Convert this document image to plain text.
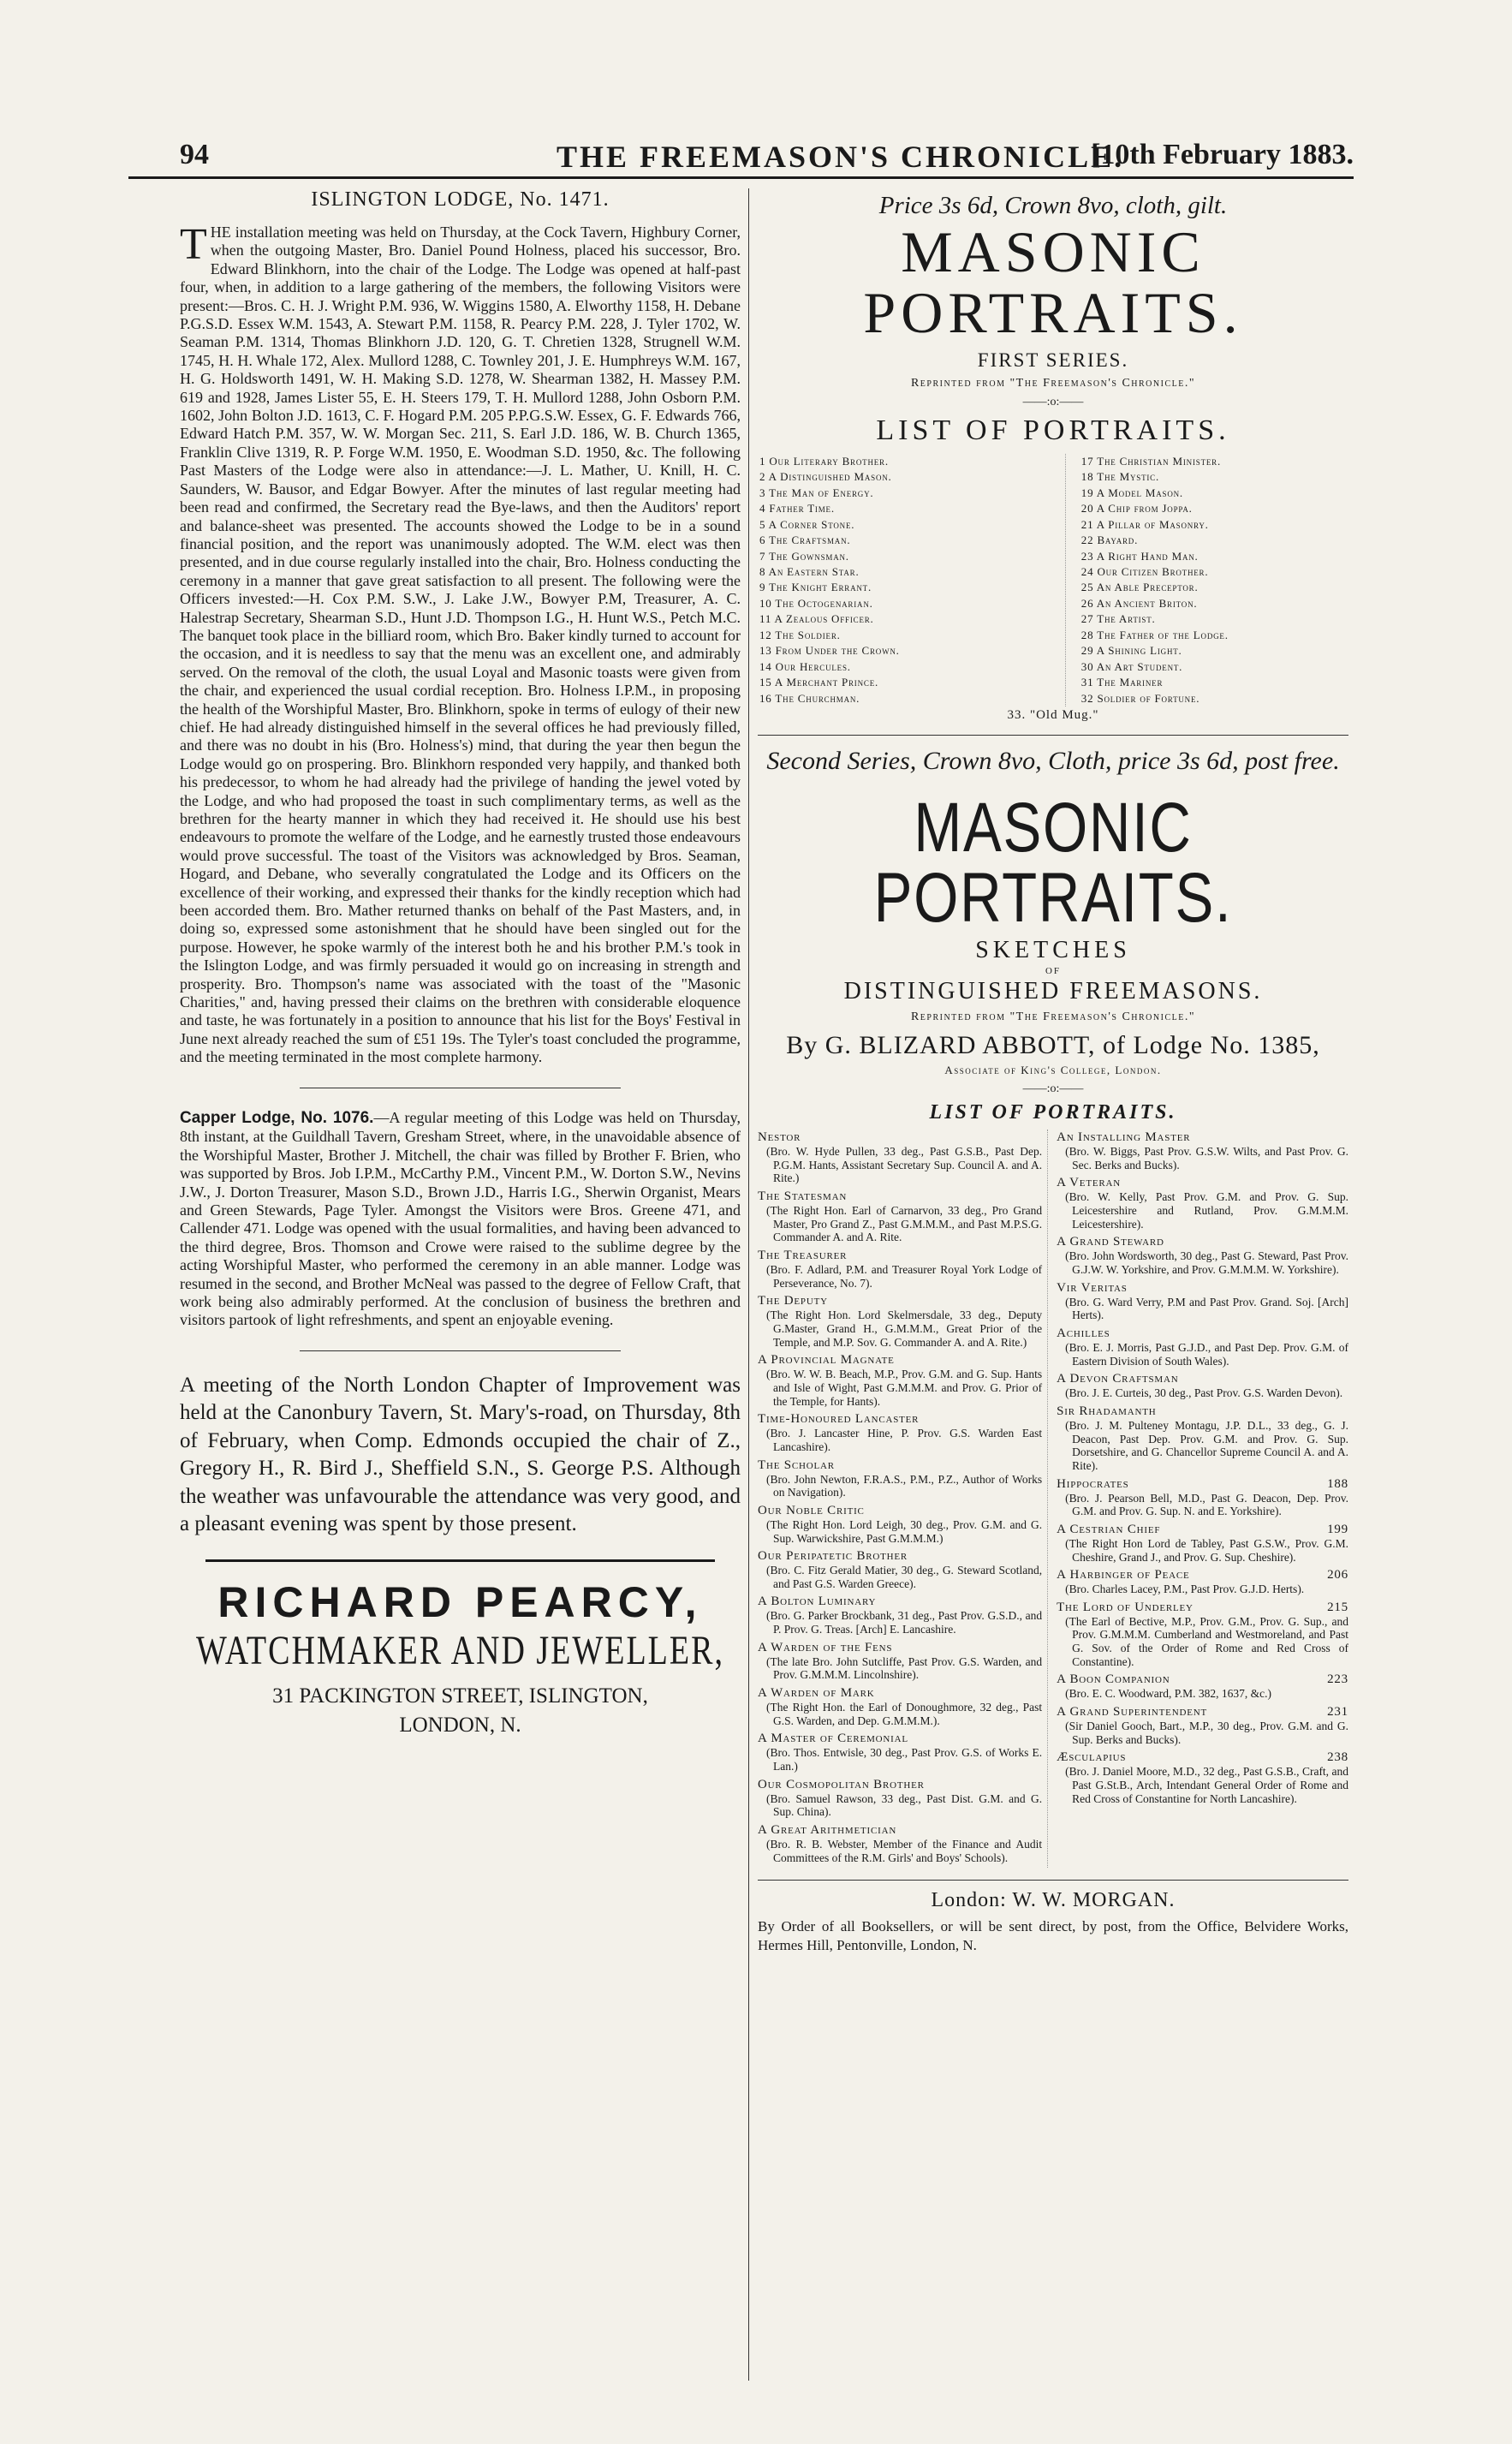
94	THE FREEMASON'S CHRONICLE.
[10th February 1883.
ISLINGTON LODGE, No. 1471.

THE installation meeting was held on Thursday, at the Cock Tavern, Highbury Corner, when the outgoing Master, Bro. Daniel Pound Holness, placed his successor, Bro. Edward Blinkhorn, into the chair of the Lodge. The Lodge was opened at half-past four, when, in addition to a large gathering of the members, the following Visitors were present:—Bros. C. H. J. Wright P.M. 936, W. Wiggins 1580, A. Elworthy 1158, H. Debane P.G.S.D. Essex W.M. 1543, A. Stewart P.M. 1158, R. Pearcy P.M. 228, J. Tyler 1702, W. Seaman P.M. 1314, Thomas Blinkhorn J.D. 120, G. T. Chretien 1328, Strugnell W.M. 1745, H. H. Whale 172, Alex. Mullord 1288, C. Townley 201, J. E. Humphreys W.M. 167, H. G. Holdsworth 1491, W. H. Making S.D. 1278, W. Shearman 1382, H. Massey P.M. 619 and 1928, James Lister 55, E. H. Steers 179, T. H. Mullord 1288, John Osborn P.M. 1602, John Bolton J.D. 1613, C. F. Hogard P.M. 205 P.P.G.S.W. Essex, G. F. Edwards 766, Edward Hatch P.M. 357, W. W. Morgan Sec. 211, S. Earl J.D. 186, W. B. Church 1365, Franklin Clive 1319, R. P. Forge W.M. 1950, E. Woodman S.D. 1950, &c. The following Past Masters of the Lodge were also in attendance:—J. L. Mather, U. Knill, H. C. Saunders, W. Bausor, and Edgar Bowyer. After the minutes of last regular meeting had been read and confirmed, the Secretary read the Bye-laws, and then the Auditors' report and balance-sheet was presented. The accounts showed the Lodge to be in a sound financial position, and the report was unanimously adopted. The W.M. elect was then presented, and in due course regularly installed into the chair, Bro. Holness conducting the ceremony in a manner that gave great satisfaction to all present. The following were the Officers invested:—H. Cox P.M. S.W., J. Lake J.W., Bowyer P.M, Treasurer, A. C. Halestrap Secretary, Shearman S.D., Hunt J.D. Thompson I.G., H. Hunt W.S., Petch M.C. The banquet took place in the billiard room, which Bro. Baker kindly turned to account for the occasion, and it is needless to say that the menu was an excellent one, and admirably served. On the removal of the cloth, the usual Loyal and Masonic toasts were given from the chair, and experienced the usual cordial reception. Bro. Holness I.P.M., in proposing the health of the Worshipful Master, Bro. Blinkhorn, spoke in terms of eulogy of their new chief. He had already distinguished himself in the several offices he had previously filled, and there was no doubt in his (Bro. Holness's) mind, that during the year then begun the Lodge would go on prospering. Bro. Blinkhorn responded very happily, and thanked both his predecessor, to whom he had already had the privilege of handing the jewel voted by the Lodge, and who had proposed the toast in such complimentary terms, as well as the brethren for the hearty manner in which they had received it. He should use his best endeavours to promote the welfare of the Lodge, and he earnestly trusted those endeavours would prove successful. The toast of the Visitors was acknowledged by Bros. Seaman, Hogard, and Debane, who severally congratulated the Lodge and its Officers on the excellence of their working, and expressed their thanks for the kindly reception which had been accorded them. Bro. Mather returned thanks on behalf of the Past Masters, and, in doing so, expressed some astonishment that he should have been singled out for the purpose. However, he spoke warmly of the interest both he and his brother P.M.'s took in the Islington Lodge, and was firmly persuaded it would go on increasing in strength and prosperity. Bro. Thompson's name was associated with the toast of the "Masonic Charities," and, having pressed their claims on the brethren with considerable eloquence and taste, he was fortunately in a position to announce that his list for the Boys' Festival in June next already reached the sum of £51 19s. The Tyler's toast concluded the programme, and the meeting terminated in the most complete harmony.

Capper Lodge, No. 1076.—A regular meeting of this Lodge was held on Thursday, 8th instant, at the Guildhall Tavern, Gresham Street, where, in the unavoidable absence of the Worshipful Master, Brother J. Mitchell, the chair was filled by Brother F. Brien, who was supported by Bros. Job I.P.M., McCarthy P.M., Vincent P.M., W. Dorton S.W., Nevins J.W., J. Dorton Treasurer, Mason S.D., Brown J.D., Harris I.G., Sherwin Organist, Mears and Green Stewards, Page Tyler. Amongst the Visitors were Bros. Greene 471, and Callender 471. Lodge was opened with the usual formalities, and having been advanced to the third degree, Bros. Thomson and Crowe were raised to the sublime degree by the acting Worshipful Master, who performed the ceremony in an able manner. Lodge was resumed in the second, and Brother McNeal was passed to the degree of Fellow Craft, that work being also admirably performed. At the conclusion of business the brethren and visitors partook of light refreshments, and spent an enjoyable evening.

A meeting of the North London Chapter of Improvement was held at the Canonbury Tavern, St. Mary's-road, on Thursday, 8th of February, when Comp. Edmonds occupied the chair of Z., Gregory H., R. Bird J., Sheffield S.N., S. George P.S. Although the weather was unfavourable the attendance was very good, and a pleasant evening was spent by those present.

RICHARD PEARCY,
WATCHMAKER AND JEWELLER,
31 PACKINGTON STREET, ISLINGTON,
LONDON, N.
Price 3s 6d, Crown 8vo, cloth, gilt.
MASONIC PORTRAITS.
FIRST SERIES.
Reprinted from "The Freemason's Chronicle."
——:o:——
LIST OF PORTRAITS.
1 Our Literary Brother.
2 A Distinguished Mason.
3 The Man of Energy.
4 Father Time.
5 A Corner Stone.
6 The Craftsman.
7 The Gownsman.
8 An Eastern Star.
9 The Knight Errant.
10 The Octogenarian.
11 A Zealous Officer.
12 The Soldier.
13 From Under the Crown.
14 Our Hercules.
15 A Merchant Prince.
16 The Churchman.
17 The Christian Minister.
18 The Mystic.
19 A Model Mason.
20 A Chip from Joppa.
21 A Pillar of Masonry.
22 Bayard.
23 A Right Hand Man.
24 Our Citizen Brother.
25 An Able Preceptor.
26 An Ancient Briton.
27 The Artist.
28 The Father of the Lodge.
29 A Shining Light.
30 An Art Student.
31 The Mariner
32 Soldier of Fortune.
33. "Old Mug."
Second Series, Crown 8vo, Cloth, price 3s 6d, post free.
MASONIC PORTRAITS.
SKETCHES
OF
DISTINGUISHED FREEMASONS.
Reprinted from "The Freemason's Chronicle."
By G. BLIZARD ABBOTT, of Lodge No. 1385,
Associate of King's College, London.
——:o:——
LIST OF PORTRAITS.
Nestor
(Bro. W. Hyde Pullen, 33 deg., Past G.S.B., Past Dep. P.G.M. Hants, Assistant Secretary Sup. Council A. and A. Rite.)
The Statesman
(The Right Hon. Earl of Carnarvon, 33 deg., Pro Grand Master, Pro Grand Z., Past G.M.M.M., and Past M.P.S.G. Commander A. and A. Rite.
The Treasurer
(Bro. F. Adlard, P.M. and Treasurer Royal York Lodge of Perseverance, No. 7).
The Deputy
(The Right Hon. Lord Skelmersdale, 33 deg., Deputy G.Master, Grand H., G.M.M.M., Great Prior of the Temple, and M.P. Sov. G. Commander A. and A. Rite.)
A Provincial Magnate
(Bro. W. W. B. Beach, M.P., Prov. G.M. and G. Sup. Hants and Isle of Wight, Past G.M.M.M. and Prov. G. Prior of the Temple, for Hants).
Time-Honoured Lancaster
(Bro. J. Lancaster Hine, P. Prov. G.S. Warden East Lancashire).
The Scholar
(Bro. John Newton, F.R.A.S., P.M., P.Z., Author of Works on Navigation).
Our Noble Critic
(The Right Hon. Lord Leigh, 30 deg., Prov. G.M. and G. Sup. Warwickshire, Past G.M.M.M.)
Our Peripatetic Brother
(Bro. C. Fitz Gerald Matier, 30 deg., G. Steward Scotland, and Past G.S. Warden Greece).
A Bolton Luminary
(Bro. G. Parker Brockbank, 31 deg., Past Prov. G.S.D., and P. Prov. G. Treas. [Arch] E. Lancashire.
A Warden of the Fens
(The late Bro. John Sutcliffe, Past Prov. G.S. Warden, and Prov. G.M.M.M. Lincolnshire).
A Warden of Mark
(The Right Hon. the Earl of Donoughmore, 32 deg., Past G.S. Warden, and Dep. G.M.M.M.).
A Master of Ceremonial
(Bro. Thos. Entwisle, 30 deg., Past Prov. G.S. of Works E. Lan.)
Our Cosmopolitan Brother
(Bro. Samuel Rawson, 33 deg., Past Dist. G.M. and G. Sup. China).
A Great Arithmetician
(Bro. R. B. Webster, Member of the Finance and Audit Committees of the R.M. Girls' and Boys' Schools).
An Installing Master
(Bro. W. Biggs, Past Prov. G.S.W. Wilts, and Past Prov. G. Sec. Berks and Bucks).
A Veteran
(Bro. W. Kelly, Past Prov. G.M. and Prov. G. Sup. Leicestershire and Rutland, Prov. G.M.M.M. Leicestershire).
A Grand Steward
(Bro. John Wordsworth, 30 deg., Past G. Steward, Past Prov. G.J.W. W. Yorkshire, and Prov. G.M.M.M. W. Yorkshire).
Vir Veritas
(Bro. G. Ward Verry, P.M and Past Prov. Grand. Soj. [Arch] Herts).
Achilles
(Bro. E. J. Morris, Past G.J.D., and Past Dep. Prov. G.M. of Eastern Division of South Wales).
A Devon Craftsman
(Bro. J. E. Curteis, 30 deg., Past Prov. G.S. Warden Devon).
Sir Rhadamanth
(Bro. J. M. Pulteney Montagu, J.P. D.L., 33 deg., G. J. Deacon, Past Dep. Prov. G.M. and Prov. G. Sup. Dorsetshire, and G. Chancellor Supreme Council A. and A. Rite).
Hippocrates	188
(Bro. J. Pearson Bell, M.D., Past G. Deacon, Dep. Prov. G.M. and Prov. G. Sup. N. and E. Yorkshire).
A Cestrian Chief	199
(The Right Hon Lord de Tabley, Past G.S.W., Prov. G.M. Cheshire, Grand J., and Prov. G. Sup. Cheshire).
A Harbinger of Peace	206
(Bro. Charles Lacey, P.M., Past Prov. G.J.D. Herts).
The Lord of Underley	215
(The Earl of Bective, M.P., Prov. G.M., Prov. G. Sup., and Prov. G.M.M.M. Cumberland and Westmoreland, and Past G. Sov. of the Order of Rome and Red Cross of Constantine).
A Boon Companion	223
(Bro. E. C. Woodward, P.M. 382, 1637, &c.)
A Grand Superintendent	231
(Sir Daniel Gooch, Bart., M.P., 30 deg., Prov. G.M. and G. Sup. Berks and Bucks).
Æsculapius	238
(Bro. J. Daniel Moore, M.D., 32 deg., Past G.S.B., Craft, and Past G.St.B., Arch, Intendant General Order of Rome and Red Cross of Constantine for North Lancashire).
London: W. W. MORGAN.
By Order of all Booksellers, or will be sent direct, by post, from the Office, Belvidere Works, Hermes Hill, Pentonville, London, N.
